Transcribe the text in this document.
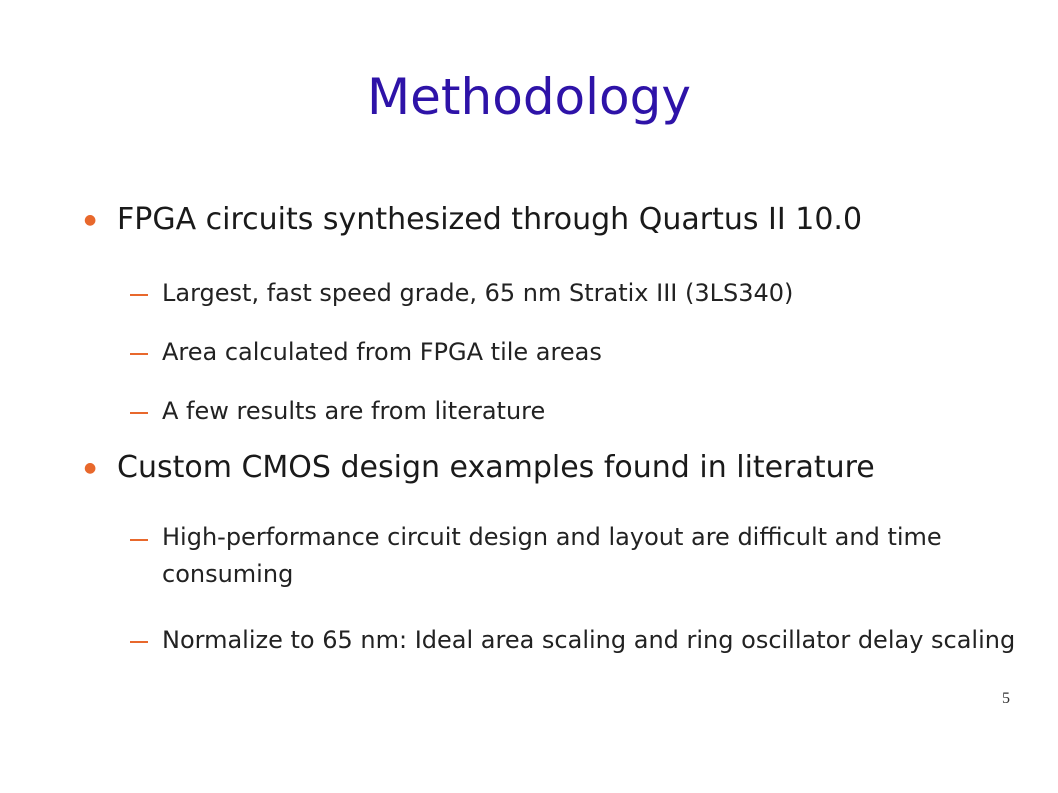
Methodology
● FPGA circuits synthesized through Quartus II 10.0
Largest, fast speed grade, 65 nm Stratix III (3LS340)
Area calculated from FPGA tile areas
A few results are from literature
● Custom CMOS design examples found in literature
High-performance circuit design and layout are difficult and time consuming
Normalize to 65 nm: Ideal area scaling and ring oscillator delay scaling
5
